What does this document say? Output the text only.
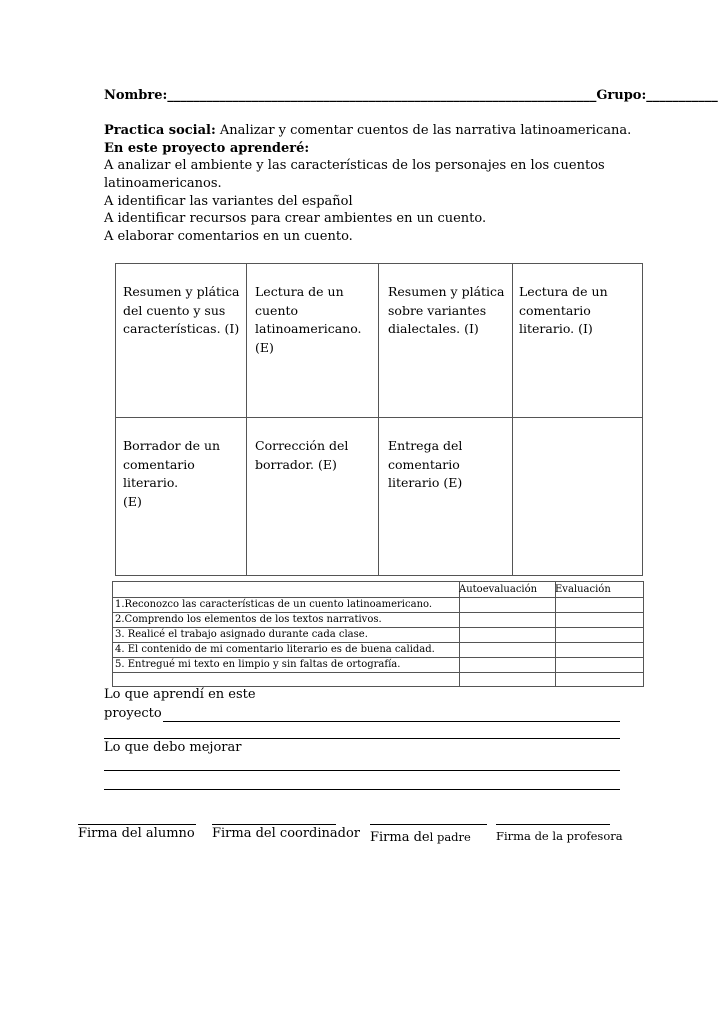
Nombre:__________________________________________________________________Grupo:___________
Practica social: Analizar y comentar cuentos de las narrativa latinoamericana.
En este proyecto aprenderé:
A analizar el ambiente y las características de los personajes en los cuentos
latinoamericanos.
A identificar las variantes del español
A identificar recursos para crear ambientes en un cuento.
A elaborar comentarios en un cuento.
Resumen y plática
del cuento y sus
características. (I)
Lectura de un
cuento
latinoamericano.
(E)
Resumen y plática
sobre variantes
dialectales. (I)
Lectura de un
comentario
literario. (I)
Borrador de un
comentario
literario.
(E)
Corrección del
borrador. (E)
Entrega del
comentario
literario (E)
Autoevaluación Evaluación
1.Reconozco las características de un cuento latinoamericano.
2.Comprendo los elementos de los textos narrativos.
3. Realicé el trabajo asignado durante cada clase.
4. El contenido de mi comentario literario es de buena calidad.
5. Entregué mi texto en limpio y sin faltas de ortografía.
Lo que aprendí en este
proyecto
Lo que debo mejorar
Firma del alumno Firma del coordinador Firma del padre Firma de la profesora
